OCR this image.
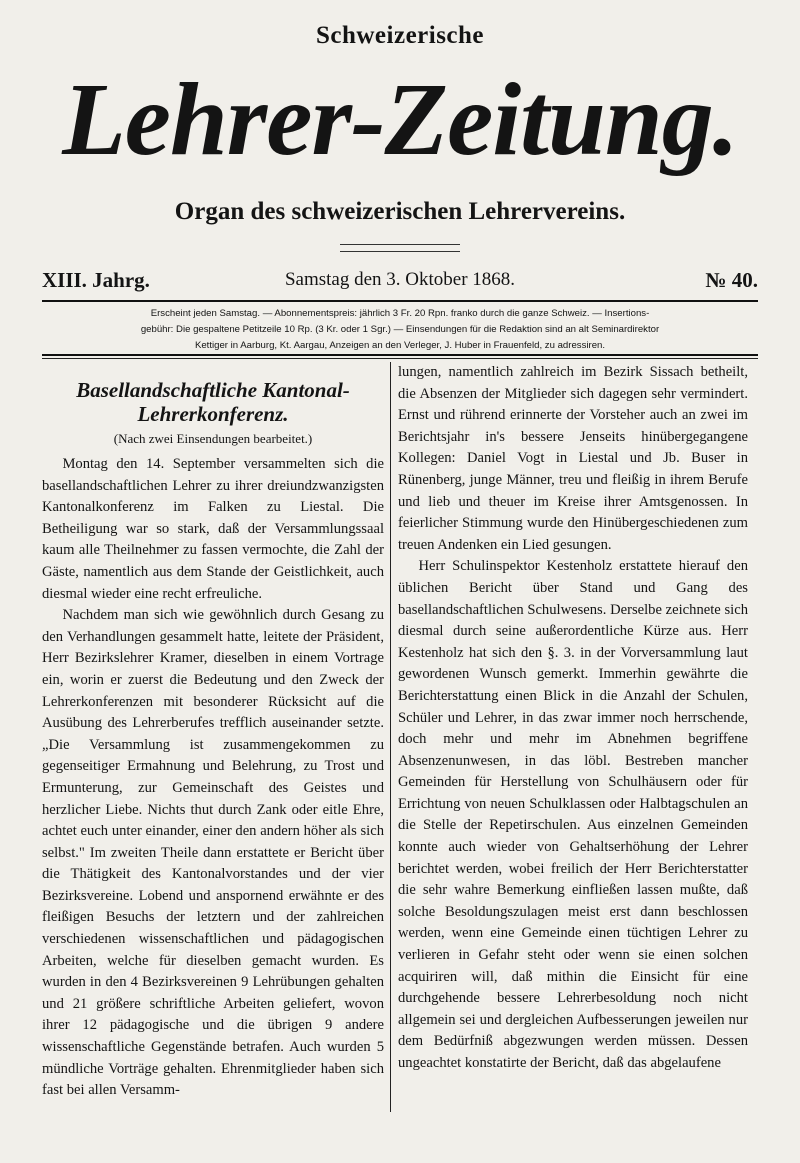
Schweizerische
Lehrer-Zeitung.
Organ des schweizerischen Lehrervereins.
XIII. Jahrg.	Samstag den 3. Oktober 1868.	№ 40.
Erscheint jeden Samstag. — Abonnementspreis: jährlich 3 Fr. 20 Rpn. franko durch die ganze Schweiz. — Insertions-
gebühr: Die gespaltene Petitzeile 10 Rp. (3 Kr. oder 1 Sgr.) — Einsendungen für die Redaktion sind an alt Seminardirektor
Kettiger in Aarburg, Kt. Aargau, Anzeigen an den Verleger, J. Huber in Frauenfeld, zu adressiren.
Basellandschaftliche Kantonal-
Lehrerkonferenz.
(Nach zwei Einsendungen bearbeitet.)

Montag den 14. September versammelten sich die basellandschaftlichen Lehrer zu ihrer dreiundzwanzigsten Kantonalkonferenz im Falken zu Liestal. Die Betheiligung war so stark, daß der Versammlungssaal kaum alle Theilnehmer zu fassen vermochte, die Zahl der Gäste, namentlich aus dem Stande der Geistlichkeit, auch diesmal wieder eine recht erfreuliche.

Nachdem man sich wie gewöhnlich durch Gesang zu den Verhandlungen gesammelt hatte, leitete der Präsident, Herr Bezirkslehrer Kramer, dieselben in einem Vortrage ein, worin er zuerst die Bedeutung und den Zweck der Lehrerkonferenzen mit besonderer Rücksicht auf die Ausübung des Lehrerberufes trefflich auseinander setzte. „Die Versammlung ist zusammengekommen zu gegenseitiger Ermahnung und Belehrung, zu Trost und Ermunterung, zur Gemeinschaft des Geistes und herzlicher Liebe. Nichts thut durch Zank oder eitle Ehre, achtet euch unter einander, einer den andern höher als sich selbst." Im zweiten Theile dann erstattete er Bericht über die Thätigkeit des Kantonalvorstandes und der vier Bezirksvereine. Lobend und anspornend erwähnte er des fleißigen Besuchs der letztern und der zahlreichen verschiedenen wissenschaftlichen und pädagogischen Arbeiten, welche für dieselben gemacht wurden. Es wurden in den 4 Bezirksvereinen 9 Lehrübungen gehalten und 21 größere schriftliche Arbeiten geliefert, wovon ihrer 12 pädagogische und die übrigen 9 andere wissenschaftliche Gegenstände betrafen. Auch wurden 5 mündliche Vorträge gehalten. Ehrenmitglieder haben sich fast bei allen Versamm-

lungen, namentlich zahlreich im Bezirk Sissach betheilt, die Absenzen der Mitglieder sich dagegen sehr vermindert. Ernst und rührend erinnerte der Vorsteher auch an zwei im Berichtsjahr in's bessere Jenseits hinübergegangene Kollegen: Daniel Vogt in Liestal und Jb. Buser in Rünenberg, junge Männer, treu und fleißig in ihrem Berufe und lieb und theuer im Kreise ihrer Amtsgenossen. In feierlicher Stimmung wurde den Hinübergeschiedenen zum treuen Andenken ein Lied gesungen.

Herr Schulinspektor Kestenholz erstattete hierauf den üblichen Bericht über Stand und Gang des basellandschaftlichen Schulwesens. Derselbe zeichnete sich diesmal durch seine außerordentliche Kürze aus. Herr Kestenholz hat sich den §. 3. in der Vorversammlung laut gewordenen Wunsch gemerkt. Immerhin gewährte die Berichterstattung einen Blick in die Anzahl der Schulen, Schüler und Lehrer, in das zwar immer noch herrschende, doch mehr und mehr im Abnehmen begriffene Absenzenunwesen, in das löbl. Bestreben mancher Gemeinden für Herstellung von Schulhäusern oder für Errichtung von neuen Schulklassen oder Halbtagschulen an die Stelle der Repetirschulen. Aus einzelnen Gemeinden konnte auch wieder von Gehaltserhöhung der Lehrer berichtet werden, wobei freilich der Herr Berichterstatter die sehr wahre Bemerkung einfließen lassen mußte, daß solche Besoldungszulagen meist erst dann beschlossen werden, wenn eine Gemeinde einen tüchtigen Lehrer zu verlieren in Gefahr steht oder wenn sie einen solchen acquiriren will, daß mithin die Einsicht für eine durchgehende bessere Lehrerbesoldung noch nicht allgemein sei und dergleichen Aufbesserungen jeweilen nur dem Bedürfniß abgezwungen werden müssen. Dessen ungeachtet konstatirte der Bericht, daß das abgelaufene
